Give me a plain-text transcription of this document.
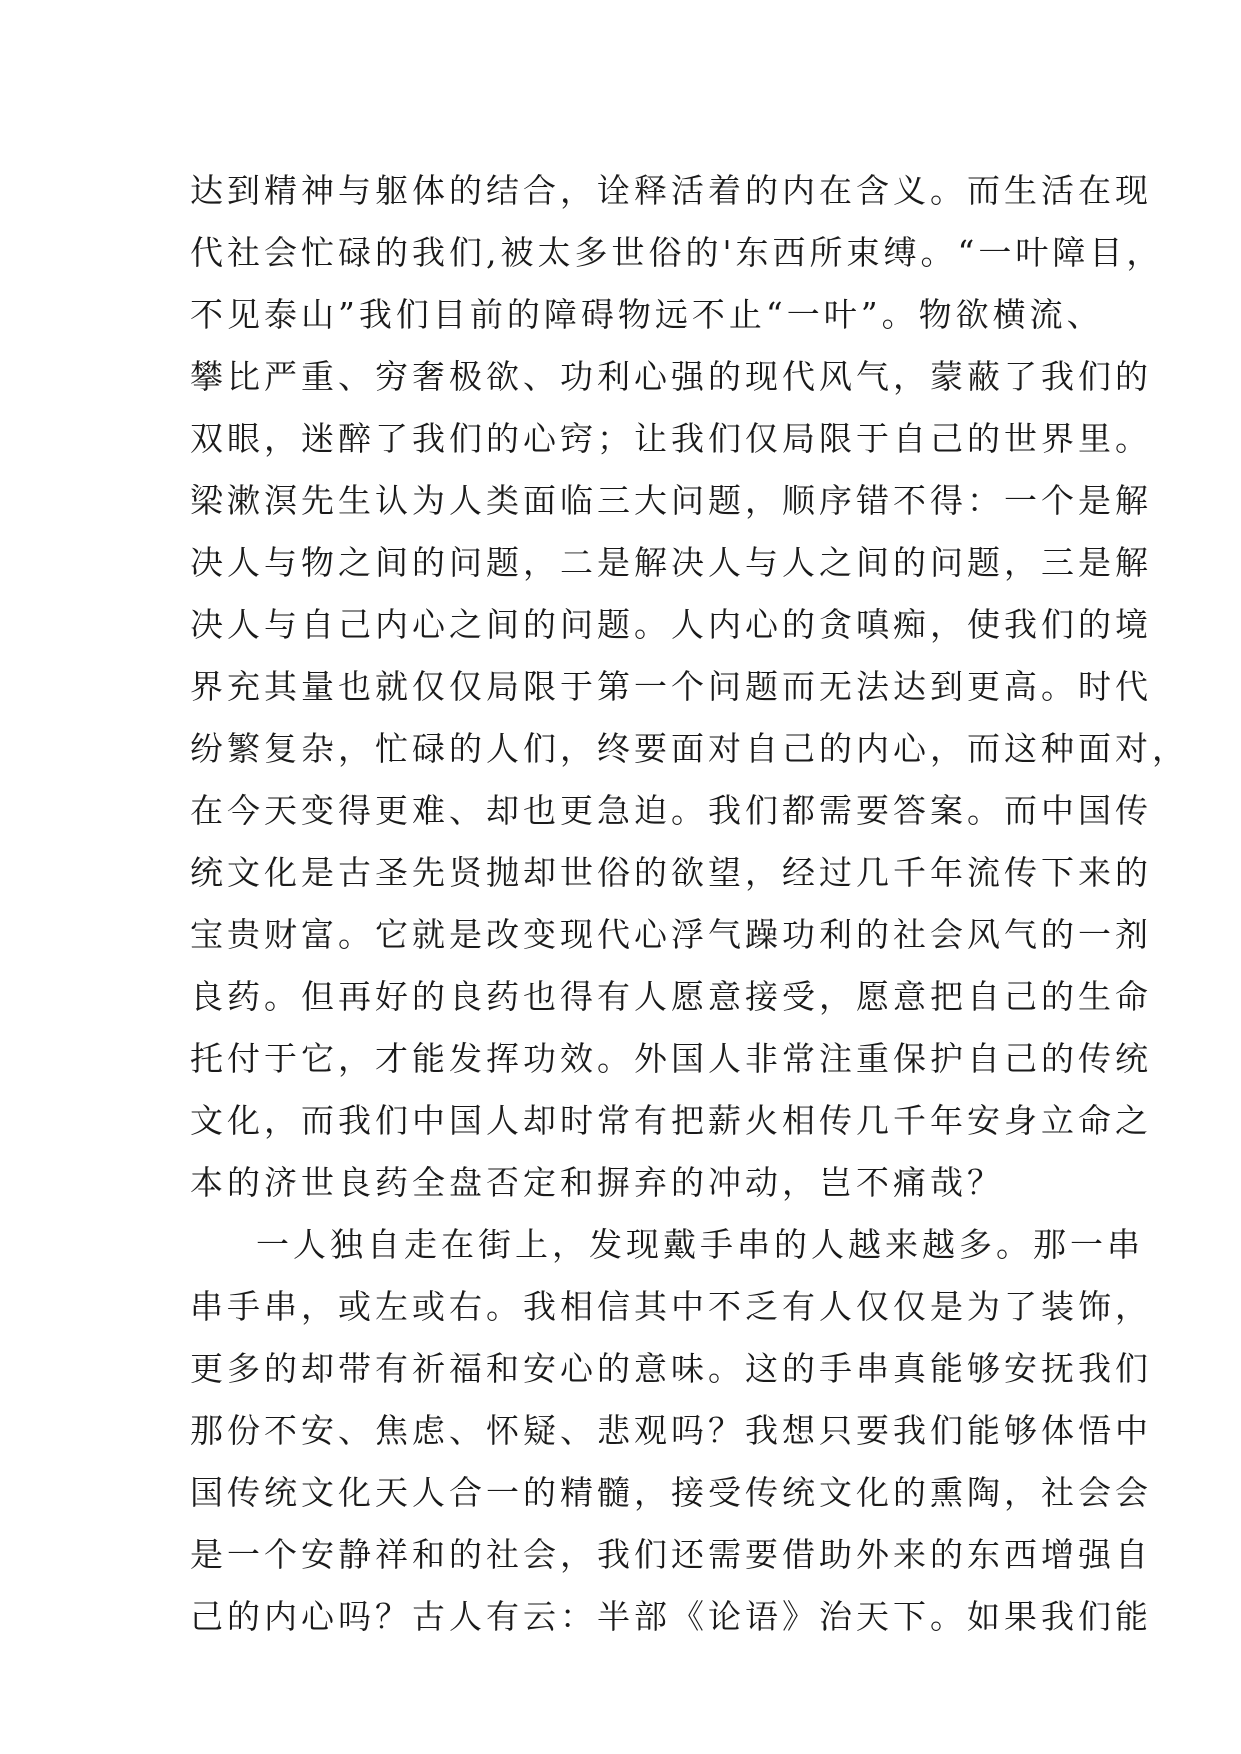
达到精神与躯体的结合，诠释活着的内在含义。而生活在现
代社会忙碌的我们,被太多世俗的'东西所束缚。“一叶障目，
不见泰山”我们目前的障碍物远不止“一叶”。物欲横流、
攀比严重、穷奢极欲、功利心强的现代风气，蒙蔽了我们的
双眼，迷醉了我们的心窍；让我们仅局限于自己的世界里。
梁漱溟先生认为人类面临三大问题，顺序错不得：一个是解
决人与物之间的问题，二是解决人与人之间的问题，三是解
决人与自己内心之间的问题。人内心的贪嗔痴，使我们的境
界充其量也就仅仅局限于第一个问题而无法达到更高。时代
纷繁复杂，忙碌的人们，终要面对自己的内心，而这种面对，
在今天变得更难、却也更急迫。我们都需要答案。而中国传
统文化是古圣先贤抛却世俗的欲望，经过几千年流传下来的
宝贵财富。它就是改变现代心浮气躁功利的社会风气的一剂
良药。但再好的良药也得有人愿意接受，愿意把自己的生命
托付于它，才能发挥功效。外国人非常注重保护自己的传统
文化，而我们中国人却时常有把薪火相传几千年安身立命之
本的济世良药全盘否定和摒弃的冲动，岂不痛哉？
一人独自走在街上，发现戴手串的人越来越多。那一串
串手串，或左或右。我相信其中不乏有人仅仅是为了装饰，
更多的却带有祈福和安心的意味。这的手串真能够安抚我们
那份不安、焦虑、怀疑、悲观吗？我想只要我们能够体悟中
国传统文化天人合一的精髓，接受传统文化的熏陶，社会会
是一个安静祥和的社会，我们还需要借助外来的东西增强自
己的内心吗？古人有云：半部《论语》治天下。如果我们能
